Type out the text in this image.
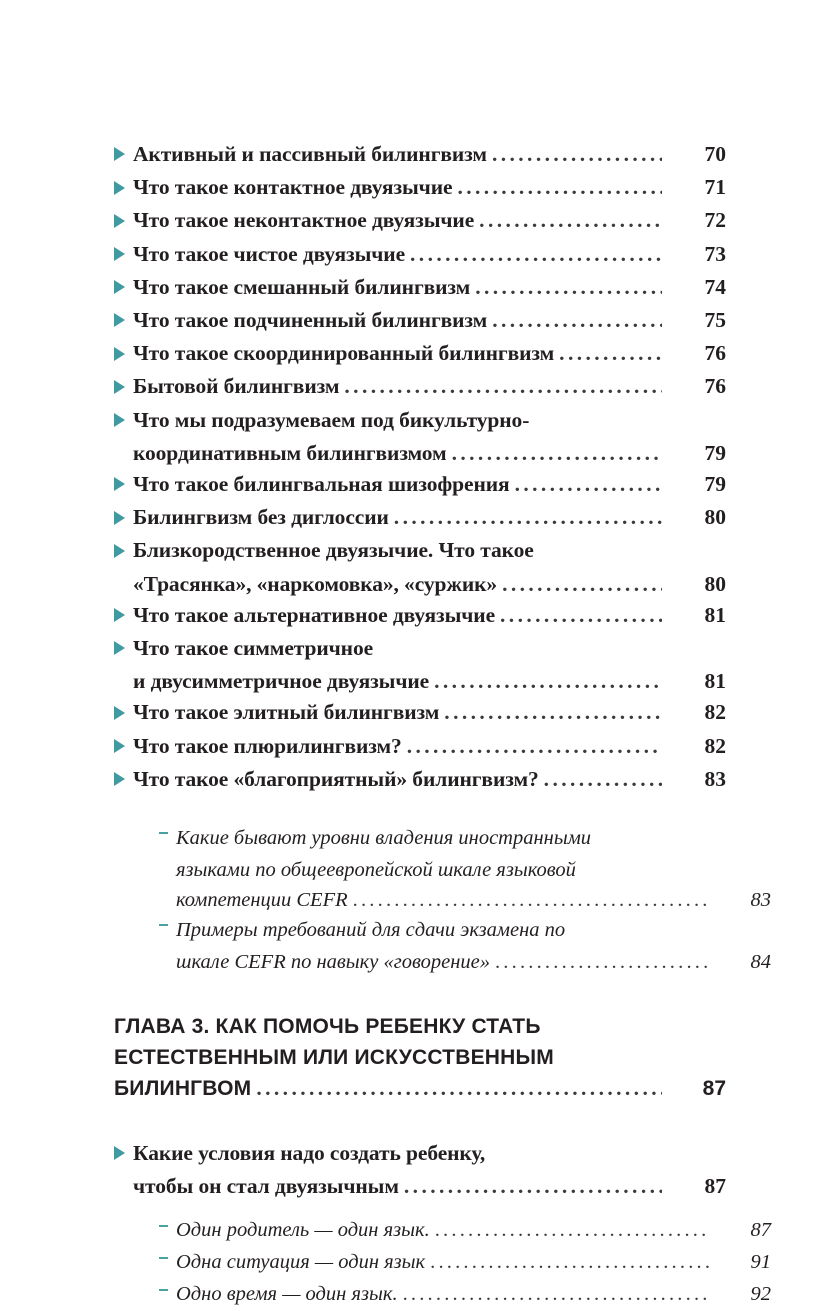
Активный и пассивный билингвизм .....	70
Что такое контактное двуязычие .....	71
Что такое неконтактное двуязычие .....	72
Что такое чистое двуязычие .....	73
Что такое смешанный билингвизм .....	74
Что такое подчиненный билингвизм .....	75
Что такое скоординированный билингвизм .....	76
Бытовой билингвизм .....	76
Что мы подразумеваем под бикультурно-
координативным билингвизмом .....	79
Что такое билингвальная шизофрения .....	79
Билингвизм без диглоссии .....	80
Близкородственное двуязычие. Что такое
«Трасянка», «наркомовка», «суржик» .....	80
Что такое альтернативное двуязычие .....	81
Что такое симметричное
и двусимметричное двуязычие .....	81
Что такое элитный билингвизм .....	82
Что такое плюрилингвизм? .....	82
Что такое «благоприятный» билингвизм? .....	83
Какие бывают уровни владения иностранными
языками по общеевропейской шкале языковой
компетенции CEFR .....	83
Примеры требований для сдачи экзамена по
шкале CEFR по навыку «говорение» .....	84
ГЛАВА 3. КАК ПОМОЧЬ РЕБЕНКУ СТАТЬ
ЕСТЕСТВЕННЫМ ИЛИ ИСКУССТВЕННЫМ
БИЛИНГВОМ .....	87
Какие условия надо создать ребенку,
чтобы он стал двуязычным .....	87
Один родитель — один язык. .....	87
Одна ситуация — один язык .....	91
Одно время — один язык. .....	92
